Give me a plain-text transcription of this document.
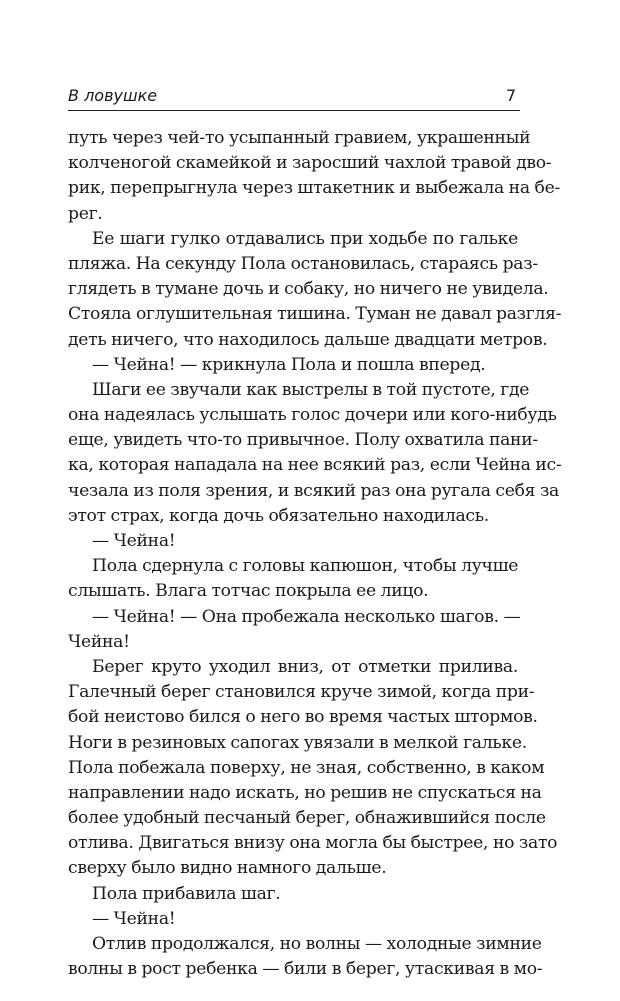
В ловушке	7
путь через чей-то усыпанный гравием, украшенный
колченогой скамейкой и заросший чахлой травой дво-
рик, перепрыгнула через штакетник и выбежала на бе-
рег.
Ее шаги гулко отдавались при ходьбе по гальке
пляжа. На секунду Пола остановилась, стараясь раз-
глядеть в тумане дочь и собаку, но ничего не увидела.
Стояла оглушительная тишина. Туман не давал разгля-
деть ничего, что находилось дальше двадцати метров.
— Чейна! — крикнула Пола и пошла вперед.
Шаги ее звучали как выстрелы в той пустоте, где
она надеялась услышать голос дочери или кого-нибудь
еще, увидеть что-то привычное. Полу охватила пани-
ка, которая нападала на нее всякий раз, если Чейна ис-
чезала из поля зрения, и всякий раз она ругала себя за
этот страх, когда дочь обязательно находилась.
— Чейна!
Пола сдернула с головы капюшон, чтобы лучше
слышать. Влага тотчас покрыла ее лицо.
— Чейна! — Она пробежала несколько шагов. —
Чейна!
Берег круто уходил вниз, от отметки прилива.
Галечный берег становился круче зимой, когда при-
бой неистово бился о него во время частых штормов.
Ноги в резиновых сапогах увязали в мелкой гальке.
Пола побежала поверху, не зная, собственно, в каком
направлении надо искать, но решив не спускаться на
более удобный песчаный берег, обнажившийся после
отлива. Двигаться внизу она могла бы быстрее, но зато
сверху было видно намного дальше.
Пола прибавила шаг.
— Чейна!
Отлив продолжался, но волны — холодные зимние
волны в рост ребенка — били в берег, утаскивая в мо-
